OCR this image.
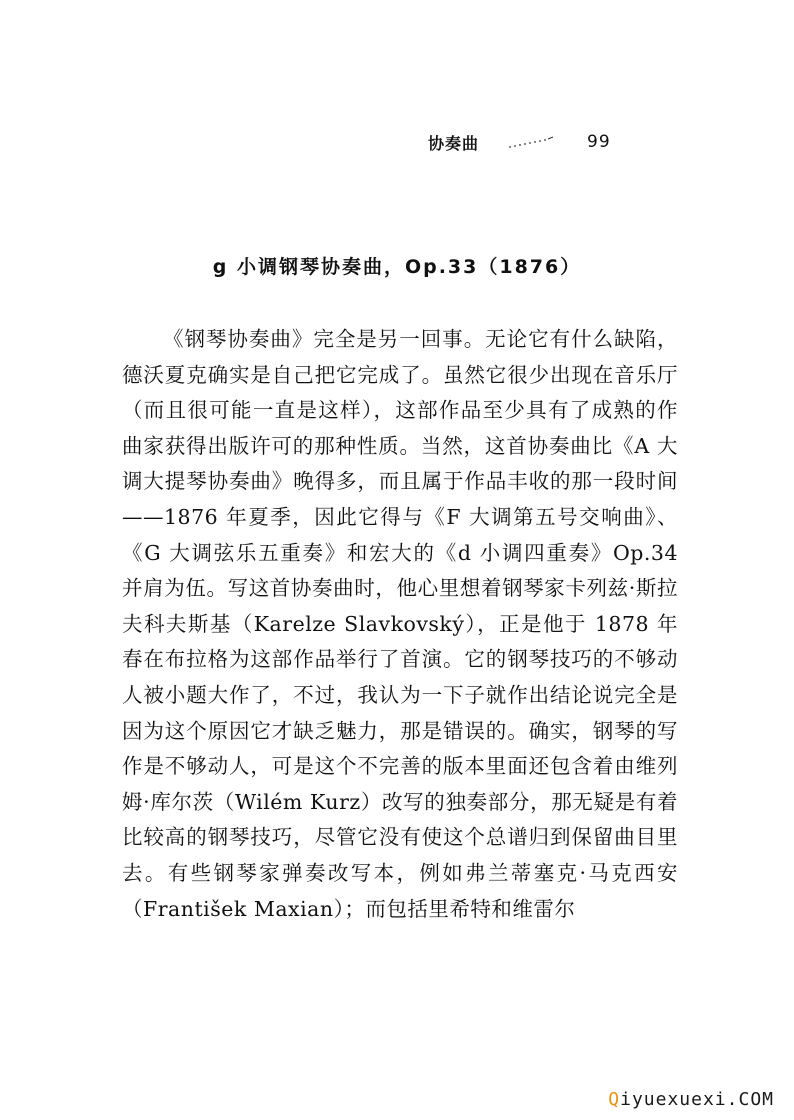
协奏曲	99
g 小调钢琴协奏曲，Op.33（1876）

《钢琴协奏曲》完全是另一回事。无论它有什么缺陷，德沃夏克确实是自己把它完成了。虽然它很少出现在音乐厅（而且很可能一直是这样），这部作品至少具有了成熟的作曲家获得出版许可的那种性质。当然，这首协奏曲比《A 大调大提琴协奏曲》晚得多，而且属于作品丰收的那一段时间——1876 年夏季，因此它得与《F 大调第五号交响曲》、《G 大调弦乐五重奏》和宏大的《d 小调四重奏》Op.34 并肩为伍。写这首协奏曲时，他心里想着钢琴家卡列兹·斯拉夫科夫斯基（Karelze Slavkovský），正是他于 1878 年春在布拉格为这部作品举行了首演。它的钢琴技巧的不够动人被小题大作了，不过，我认为一下子就作出结论说完全是因为这个原因它才缺乏魅力，那是错误的。确实，钢琴的写作是不够动人，可是这个不完善的版本里面还包含着由维列姆·库尔茨（Wilém Kurz）改写的独奏部分，那无疑是有着比较高的钢琴技巧，尽管它没有使这个总谱归到保留曲目里去。有些钢琴家弹奏改写本，例如弗兰蒂塞克·马克西安（František Maxian）；而包括里希特和维雷尔

Qiyuexuexi.COM
